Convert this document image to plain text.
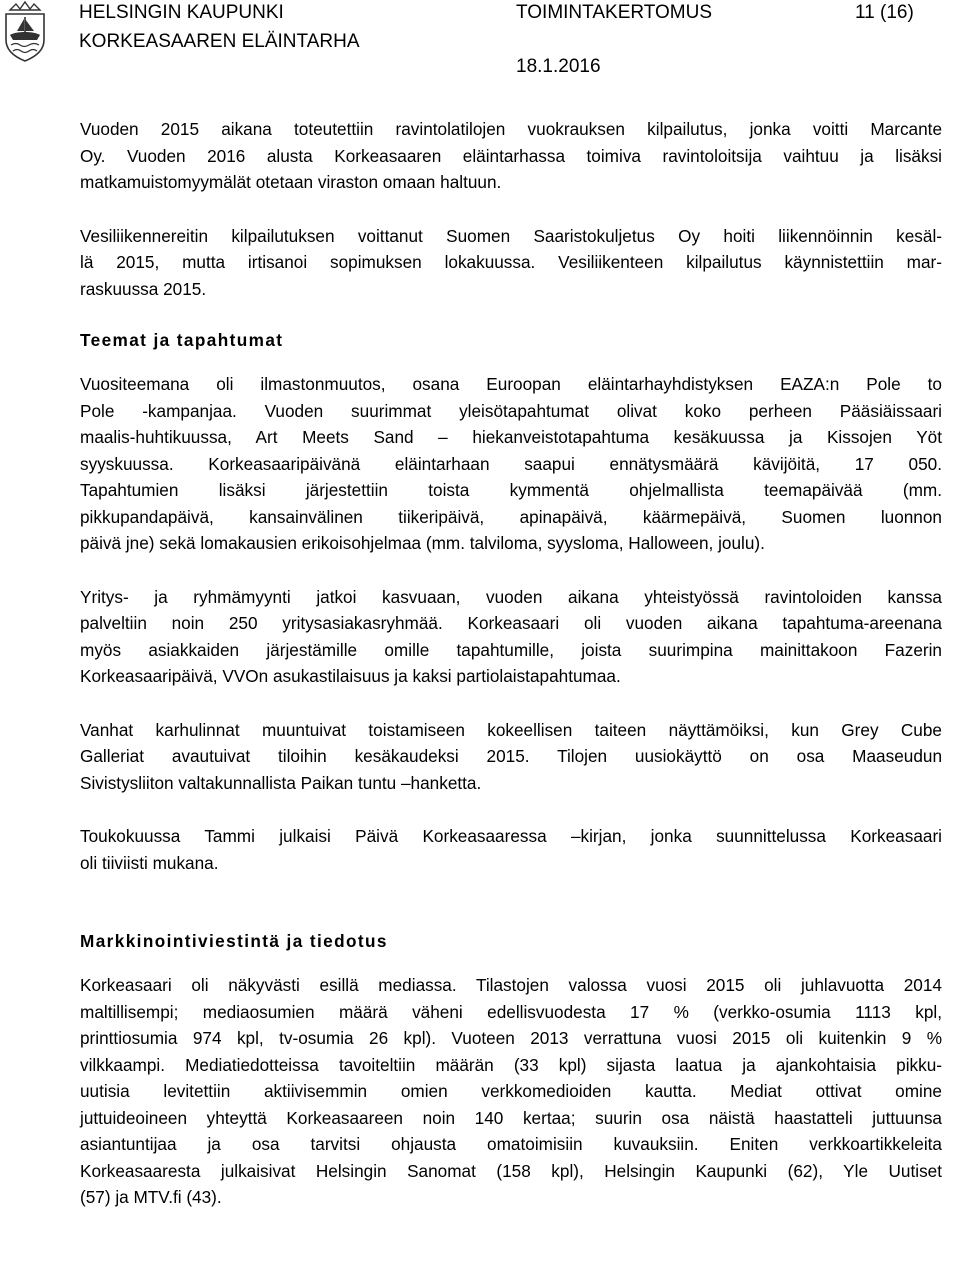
HELSINGIN KAUPUNKI
KORKEASAAREN ELÄINTARHA
TOIMINTAKERTOMUS	11 (16)
18.1.2016

Vuoden 2015 aikana toteutettiin ravintolatilojen vuokrauksen kilpailutus, jonka voitti Marcante
Oy. Vuoden 2016 alusta Korkeasaaren eläintarhassa toimiva ravintoloitsija vaihtuu ja lisäksi
matkamuistomyymälät otetaan viraston omaan haltuun.

Vesiliikennereitin kilpailutuksen voittanut Suomen Saaristokuljetus Oy hoiti liikennöinnin kesäl-
lä 2015, mutta irtisanoi sopimuksen lokakuussa. Vesiliikenteen kilpailutus käynnistettiin mar-
raskuussa 2015.

Teemat ja tapahtumat

Vuositeemana oli ilmastonmuutos, osana Euroopan eläintarhayhdistyksen EAZA:n Pole to
Pole -kampanjaa. Vuoden suurimmat yleisötapahtumat olivat koko perheen Pääsiäissaari
maalis-huhtikuussa, Art Meets Sand – hiekanveistotapahtuma kesäkuussa ja Kissojen Yöt
syyskuussa. Korkeasaaripäivänä eläintarhaan saapui ennätysmäärä kävijöitä, 17 050.
Tapahtumien lisäksi järjestettiin toista kymmentä ohjelmallista teemapäivää (mm.
pikkupandapäivä, kansainvälinen tiikeripäivä, apinapäivä, käärmepäivä, Suomen luonnon
päivä jne) sekä lomakausien erikoisohjelmaa (mm. talviloma, syysloma, Halloween, joulu).

Yritys- ja ryhmämyynti jatkoi kasvuaan, vuoden aikana yhteistyössä ravintoloiden kanssa
palveltiin noin 250 yritysasiakasryhmää. Korkeasaari oli vuoden aikana tapahtuma-areenana
myös asiakkaiden järjestämille omille tapahtumille, joista suurimpina mainittakoon Fazerin
Korkeasaaripäivä, VVOn asukastilaisuus ja kaksi partiolaistapahtumaa.

Vanhat karhulinnat muuntuivat toistamiseen kokeellisen taiteen näyttämöiksi, kun Grey Cube
Galleriat avautuivat tiloihin kesäkaudeksi 2015. Tilojen uusiokäyttö on osa Maaseudun
Sivistysliiton valtakunnallista Paikan tuntu –hanketta.

Toukokuussa Tammi julkaisi Päivä Korkeasaaressa –kirjan, jonka suunnittelussa Korkeasaari
oli tiiviisti mukana.

Markkinointiviestintä ja tiedotus

Korkeasaari oli näkyvästi esillä mediassa. Tilastojen valossa vuosi 2015 oli juhlavuotta 2014
maltillisempi; mediaosumien määrä väheni edellisvuodesta 17 % (verkko-osumia 1113 kpl,
printtiosumia 974 kpl, tv-osumia 26 kpl). Vuoteen 2013 verrattuna vuosi 2015 oli kuitenkin 9 %
vilkkaampi. Mediatiedotteissa tavoiteltiin määrän (33 kpl) sijasta laatua ja ajankohtaisia pikku-
uutisia levitettiin aktiivisemmin omien verkkomedioiden kautta. Mediat ottivat omine
juttuideoineen yhteyttä Korkeasaareen noin 140 kertaa; suurin osa näistä haastatteli juttuunsa
asiantuntijaa ja osa tarvitsi ohjausta omatoimisiin kuvauksiin. Eniten verkkoartikkeleita
Korkeasaaresta julkaisivat Helsingin Sanomat (158 kpl), Helsingin Kaupunki (62), Yle Uutiset
(57) ja MTV.fi (43).
